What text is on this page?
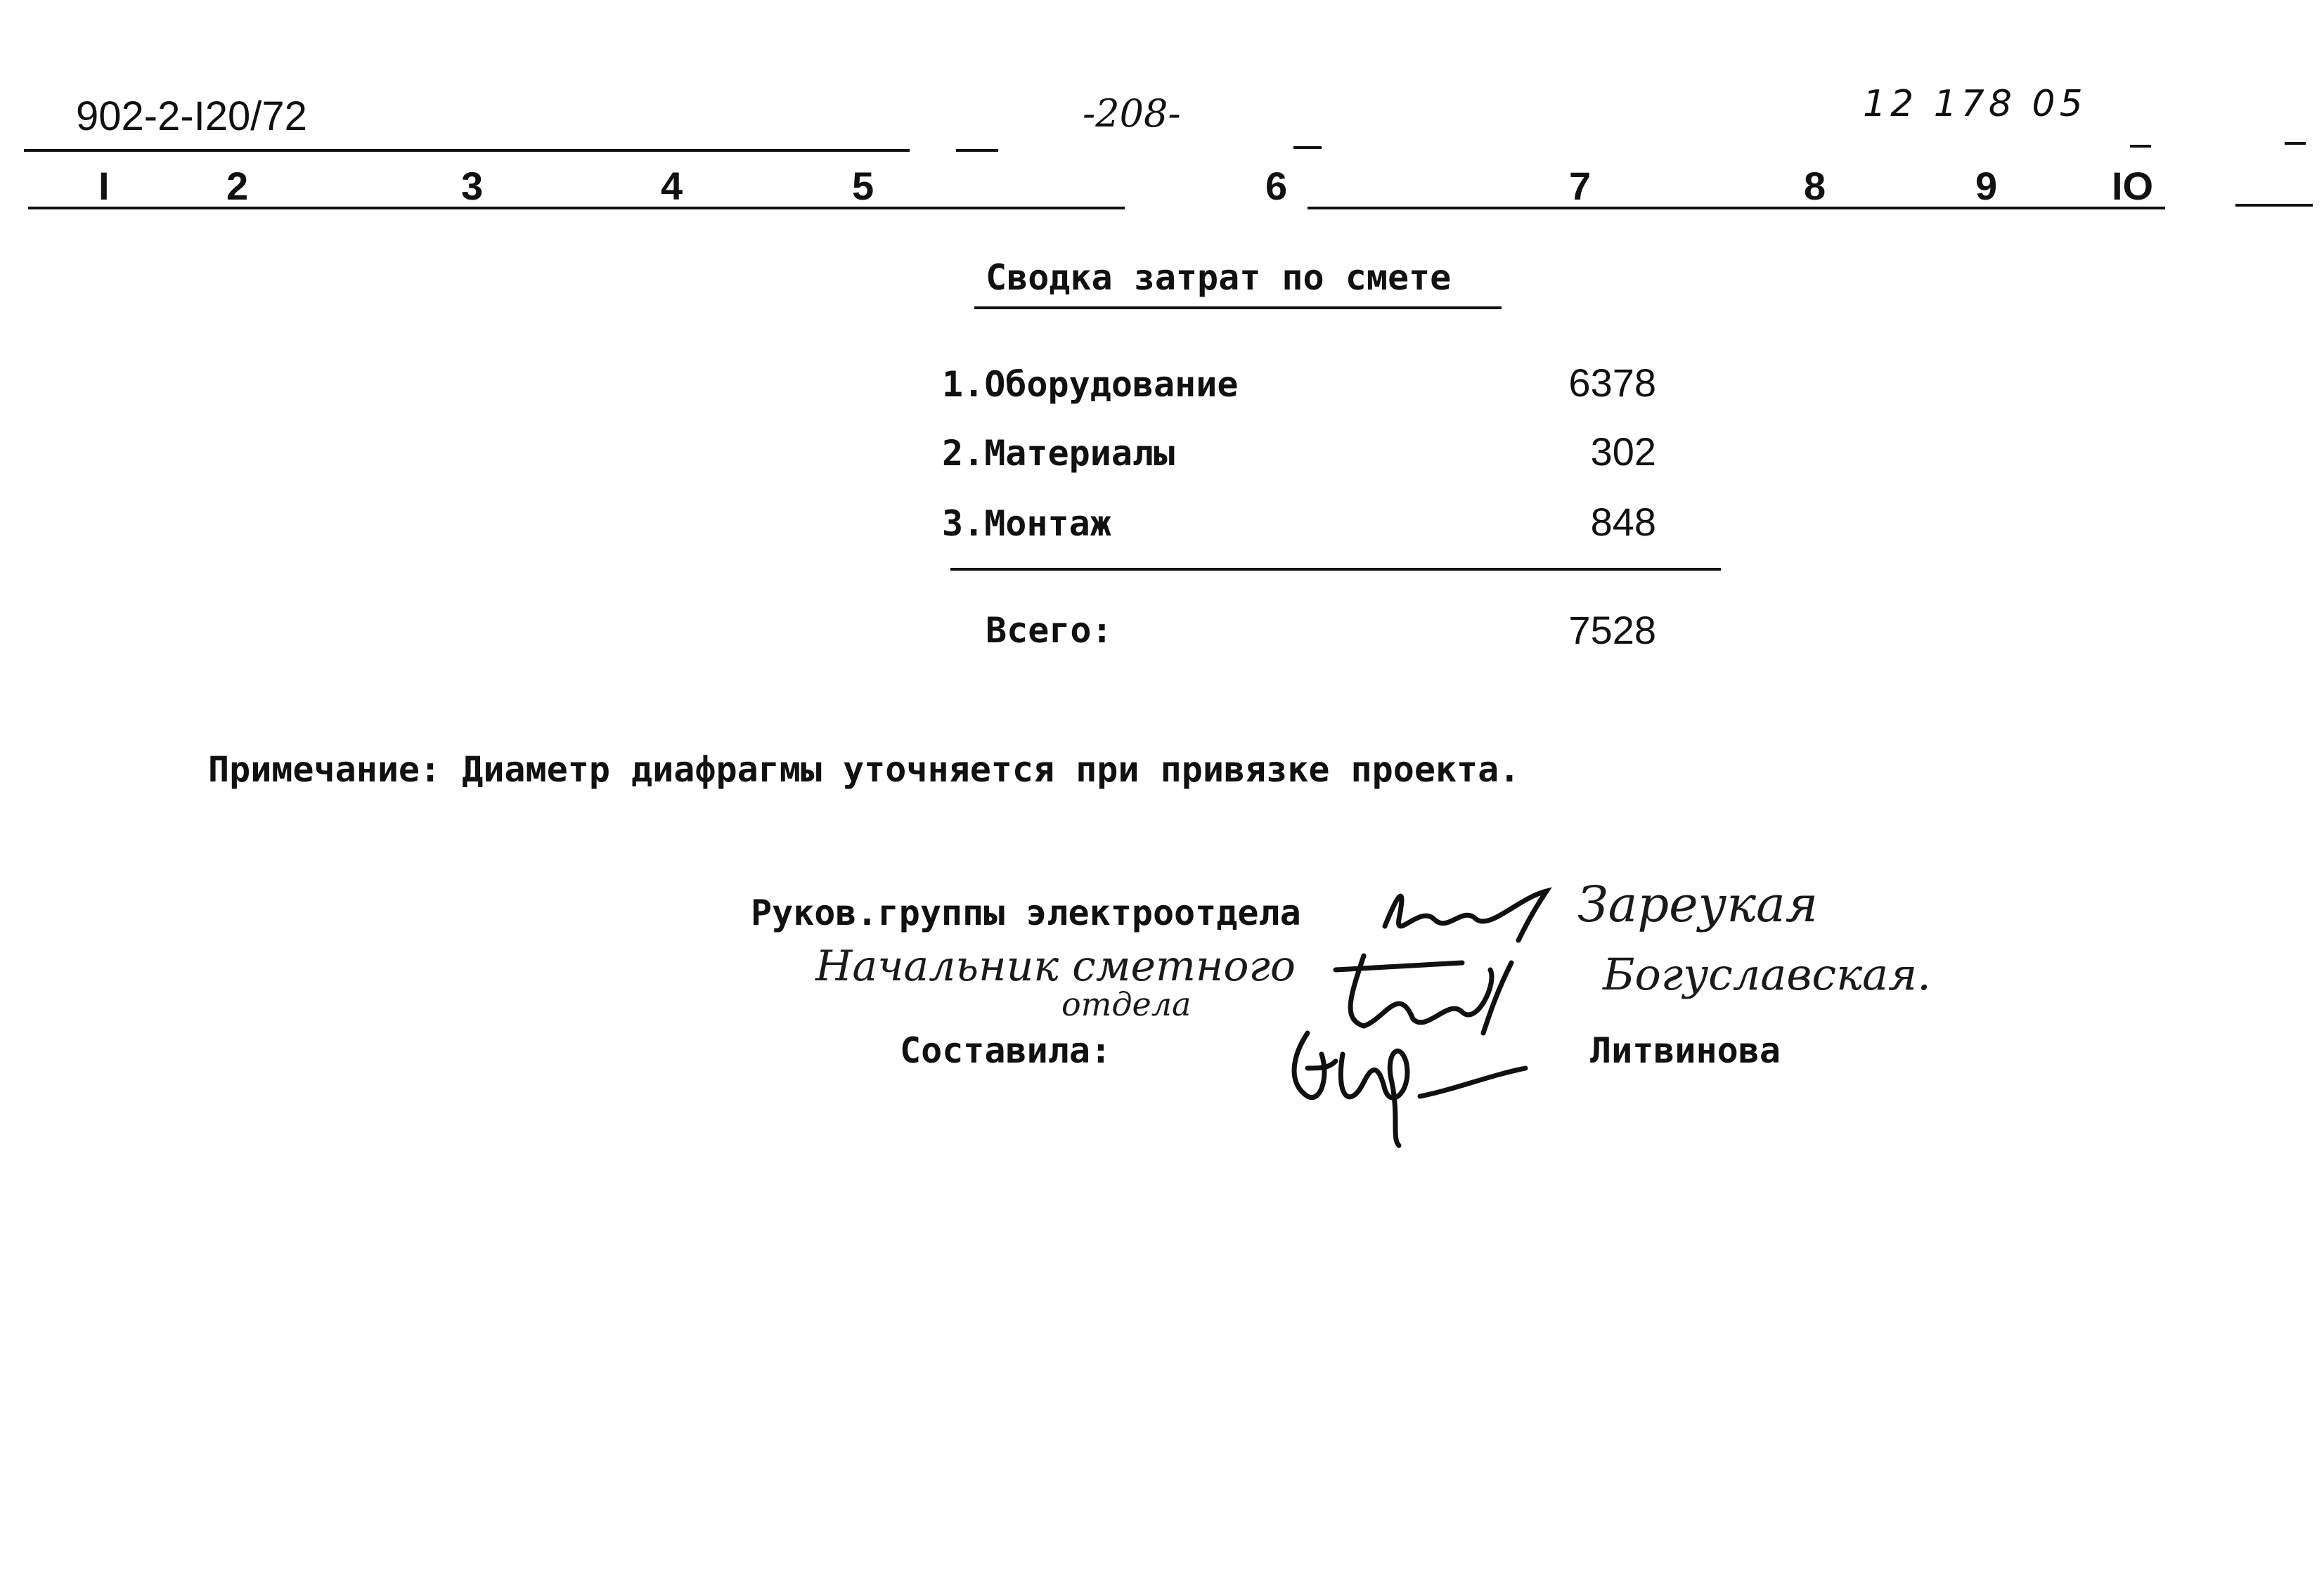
902-2-I20/72	-208-	12 178 05
I	2	3	4	5	6	7	8	9	IO
Сводка затрат по смете
1.Оборудование	6378
2.Материалы	302
3.Монтаж	848
Всего:	7528
Примечание: Диаметр диафрагмы уточняется при привязке проекта.
Руков.группы электроотдела	Зареукая
Начальник сметного
отдела
Богуславская.
Составила:	Литвинова
